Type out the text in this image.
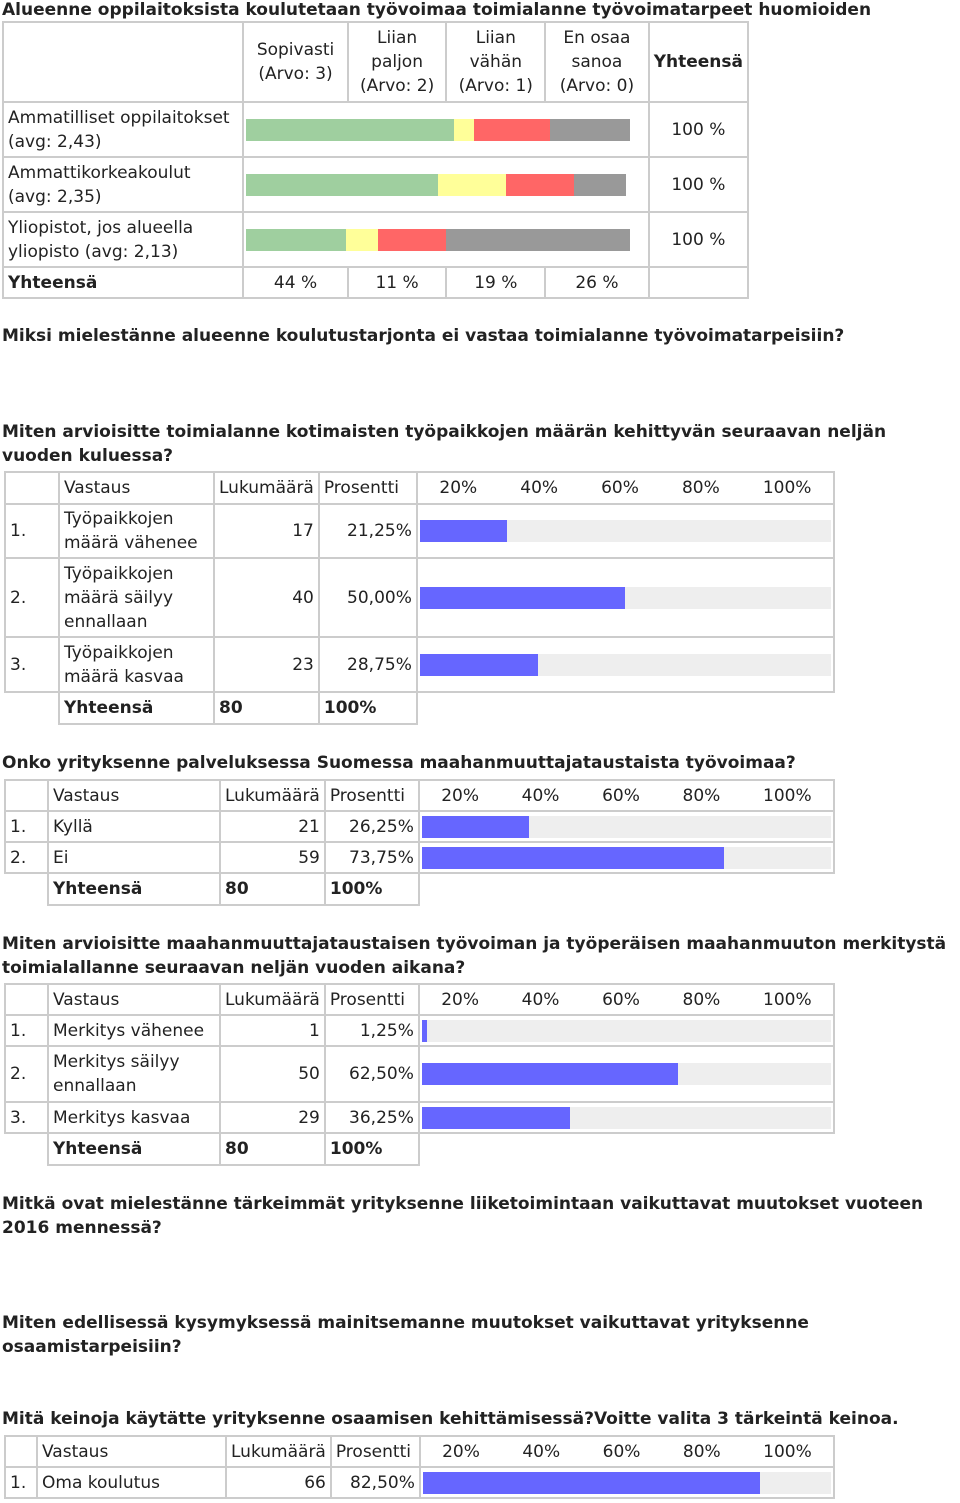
Alueenne oppilaitoksista koulutetaan työvoimaa toimialanne työvoimatarpeet huomioiden
	Sopivasti (Arvo: 3)	Liian paljon (Arvo: 2)	Liian vähän (Arvo: 1)	En osaa sanoa (Arvo: 0)	Yhteensä
Ammatilliset oppilaitokset (avg: 2,43)					100 %
Ammattikorkeakoulut (avg: 2,35)					100 %
Yliopistot, jos alueella yliopisto (avg: 2,13)					100 %
Yhteensä	44 %	11 %	19 %	26 %	
Miksi mielestänne alueenne koulutustarjonta ei vastaa toimialanne työvoimatarpeisiin?
Miten arvioisitte toimialanne kotimaisten työpaikkojen määrän kehittyvän seuraavan neljän vuoden kuluessa?
	Vastaus	Lukumäärä	Prosentti	20% 40% 60% 80% 100%

1.	Työpaikkojen määrä vähenee	17	21,25%	

2.	Työpaikkojen määrä säilyy ennallaan	40	50,00%	

3.	Työpaikkojen määrä kasvaa	23	28,75%	

	Yhteensä	80	100%	
Onko yrityksenne palveluksessa Suomessa maahanmuuttajataustaista työvoimaa?
	Vastaus	Lukumäärä	Prosentti	20% 40% 60% 80% 100%

1.	Kyllä	21	26,25%	

2.	Ei	59	73,75%	

	Yhteensä	80	100%	
Miten arvioisitte maahanmuuttajataustaisen työvoiman ja työperäisen maahanmuuton merkitystä toimialallanne seuraavan neljän vuoden aikana?
	Vastaus	Lukumäärä	Prosentti	20% 40% 60% 80% 100%

1.	Merkitys vähenee	1	1,25%	

2.	Merkitys säilyy ennallaan	50	62,50%	

3.	Merkitys kasvaa	29	36,25%	

	Yhteensä	80	100%	
Mitkä ovat mielestänne tärkeimmät yrityksenne liiketoimintaan vaikuttavat muutokset vuoteen 2016 mennessä?
Miten edellisessä kysymyksessä mainitsemanne muutokset vaikuttavat yrityksenne osaamistarpeisiin?
Mitä keinoja käytätte yrityksenne osaamisen kehittämisessä?Voitte valita 3 tärkeintä keinoa.
	Vastaus	Lukumäärä	Prosentti	20% 40% 60% 80% 100%

1.	Oma koulutus	66	82,50%	
